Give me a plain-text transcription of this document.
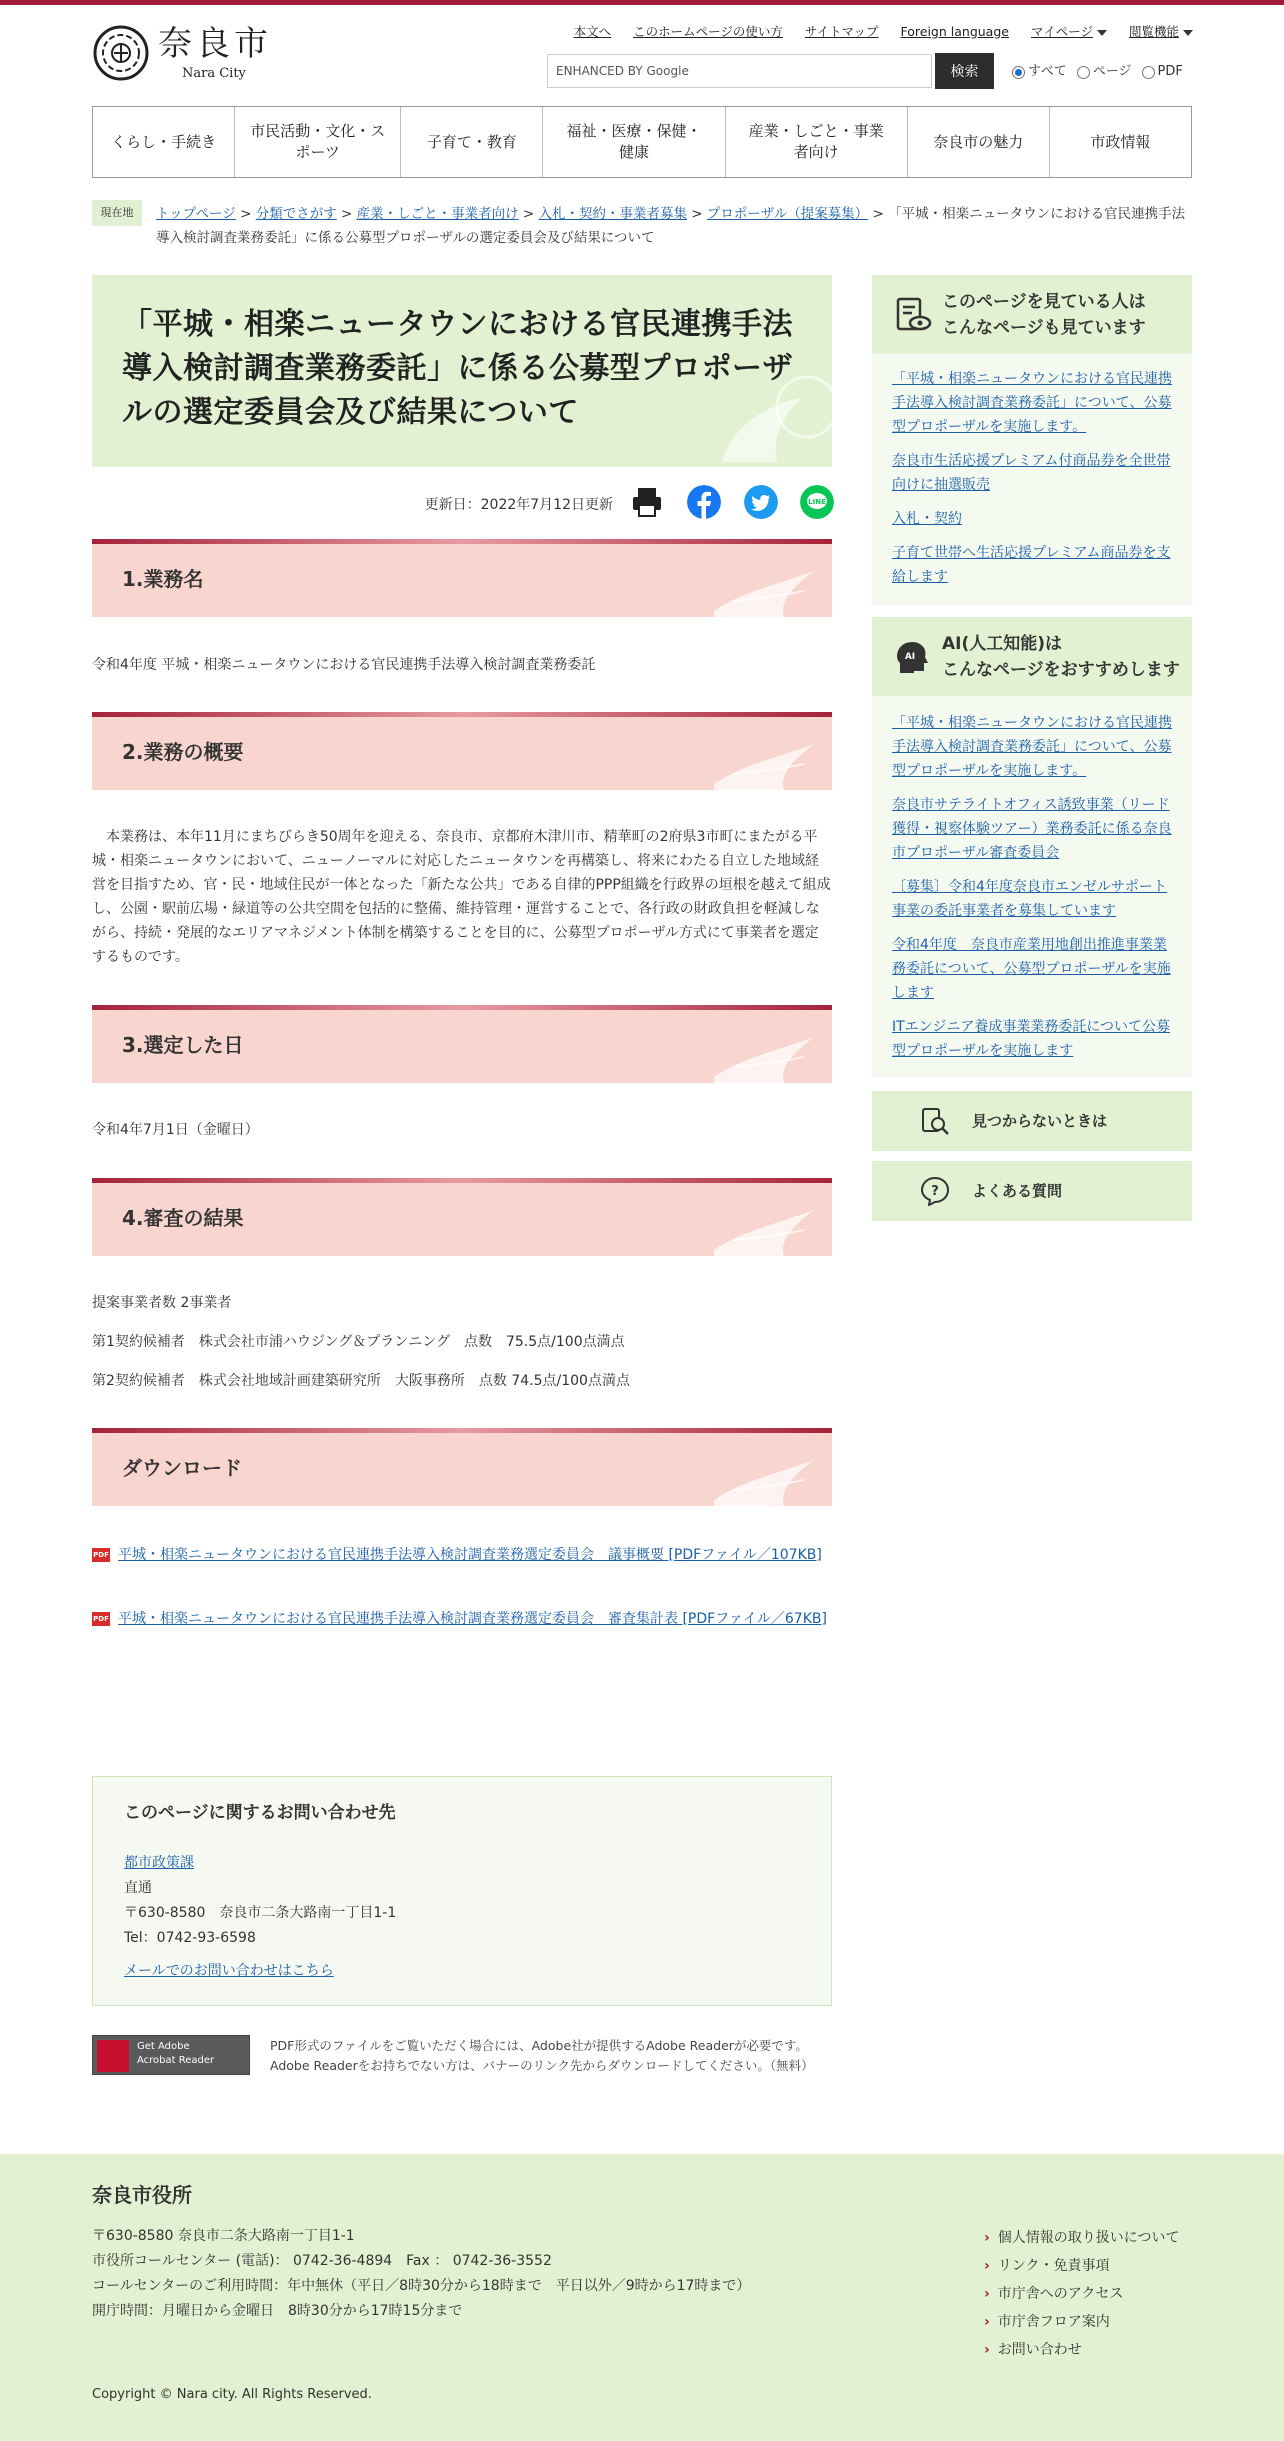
奈良市
Nara City
本文へ このホームページの使い方 サイトマップ Foreign language マイページ	閲覧機能
ENHANCED BY Google	検索	すべて ページ PDF
くらし・手続き
市民活動・文化・スポーツ
子育て・教育
福祉・医療・保健・健康
産業・しごと・事業者向け
奈良市の魅力	市政情報
現在地	トップページ > 分類でさがす > 産業・しごと・事業者向け > 入札・契約・事業者募集 > プロポーザル（提案募集） > 「平城・相楽ニュータウンにおける官民連携手法導入検討調査業務委託」に係る公募型プロポーザルの選定委員会及び結果について
「平城・相楽ニュータウンにおける官民連携手法導入検討調査業務委託」に係る公募型プロポーザルの選定委員会及び結果について
更新日：2022年7月12日更新	LINE
1.業務名
令和4年度 平城・相楽ニュータウンにおける官民連携手法導入検討調査業務委託
2.業務の概要
　本業務は、本年11月にまちびらき50周年を迎える、奈良市、京都府木津川市、精華町の2府県3市町にまたがる平城・相楽ニュータウンにおいて、ニューノーマルに対応したニュータウンを再構築し、将来にわたる自立した地域経営を目指すため、官・民・地域住民が一体となった「新たな公共」である自律的PPP組織を行政界の垣根を越えて組成し、公園・駅前広場・緑道等の公共空間を包括的に整備、維持管理・運営することで、各行政の財政負担を軽減しながら、持続・発展的なエリアマネジメント体制を構築することを目的に、公募型プロポーザル方式にて事業者を選定するものです。
3.選定した日
令和4年7月1日（金曜日）
4.審査の結果
提案事業者数 2事業者
第1契約候補者　株式会社市浦ハウジング＆プランニング　点数　75.5点/100点満点
第2契約候補者　株式会社地域計画建築研究所　大阪事務所　点数 74.5点/100点満点
ダウンロード
PDF 平城・相楽ニュータウンにおける官民連携手法導入検討調査業務選定委員会　議事概要 [PDFファイル／107KB]
PDF 平城・相楽ニュータウンにおける官民連携手法導入検討調査業務選定委員会　審査集計表 [PDFファイル／67KB]
このページに関するお問い合わせ先
都市政策課
直通
〒630-8580　奈良市二条大路南一丁目1-1
Tel：0742-93-6598
メールでのお問い合わせはこちら
Get Adobe
Acrobat Reader
PDF形式のファイルをご覧いただく場合には、Adobe社が提供するAdobe Readerが必要です。Adobe Readerをお持ちでない方は、バナーのリンク先からダウンロードしてください。（無料）
このページを見ている人は
こんなページも見ています
「平城・相楽ニュータウンにおける官民連携手法導入検討調査業務委託」について、公募型プロポーザルを実施します。
奈良市生活応援プレミアム付商品券を全世帯向けに抽選販売
入札・契約
子育て世帯へ生活応援プレミアム商品券を支給します
AI
AI(人工知能)は
こんなページをおすすめします
「平城・相楽ニュータウンにおける官民連携手法導入検討調査業務委託」について、公募型プロポーザルを実施します。
奈良市サテライトオフィス誘致事業（リード獲得・視察体験ツアー）業務委託に係る奈良市プロポーザル審査委員会
〔募集〕令和4年度奈良市エンゼルサポート事業の委託事業者を募集しています
令和4年度　奈良市産業用地創出推進事業業務委託について、公募型プロポーザルを実施します
ITエンジニア養成事業業務委託について公募型プロポーザルを実施します
見つからないときは
? よくある質問
奈良市役所
〒630-8580 奈良市二条大路南一丁目1-1
市役所コールセンター (電話)： 0742-36-4894　Fax ： 0742-36-3552
コールセンターのご利用時間：年中無休（平日／8時30分から18時まで　平日以外／9時から17時まで）
開庁時間：月曜日から金曜日　8時30分から17時15分まで
› 個人情報の取り扱いについて
› リンク・免責事項
› 市庁舎へのアクセス
› 市庁舎フロア案内
› お問い合わせ
Copyright © Nara city. All Rights Reserved.
